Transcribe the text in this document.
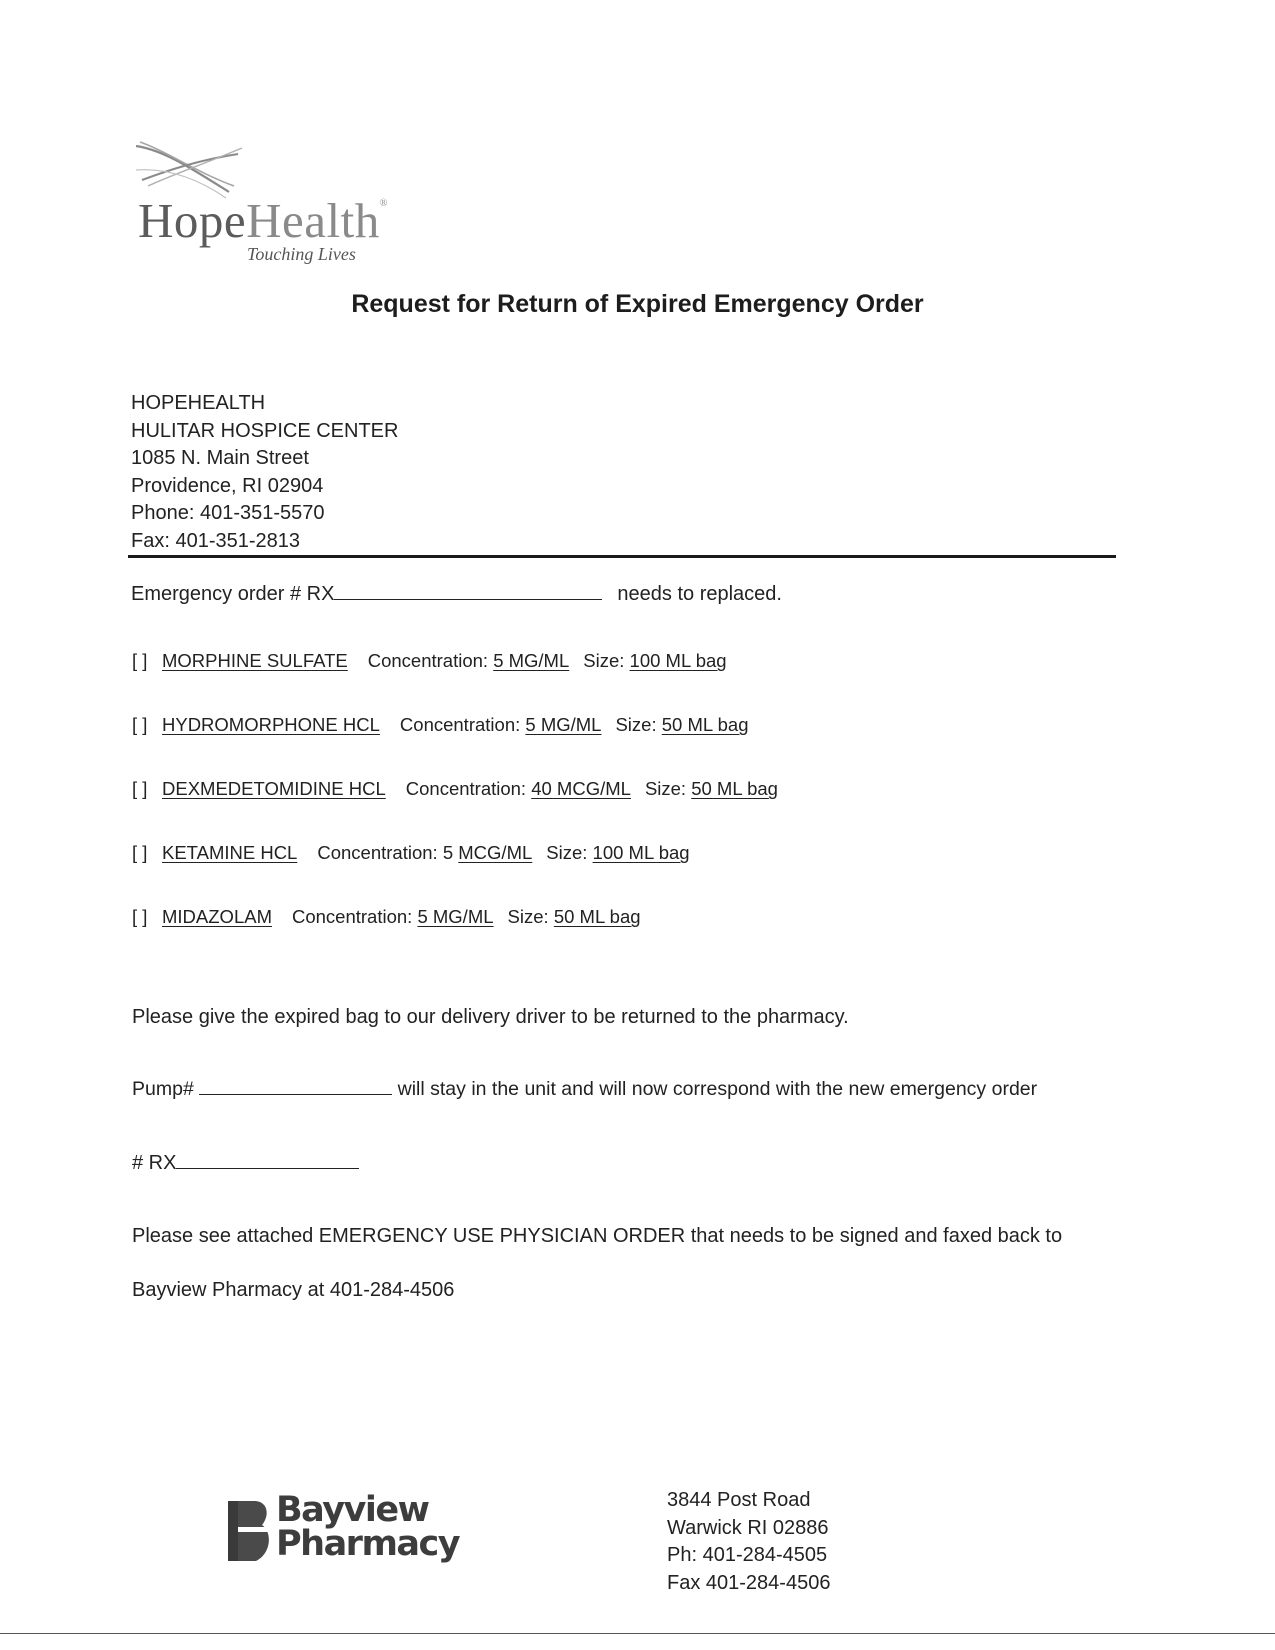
HopeHealth®
Touching Lives
Request for Return of Expired Emergency Order
HOPEHEALTH
HULITAR HOSPICE CENTER
1085 N. Main Street
Providence, RI 02904
Phone: 401-351-5570
Fax: 401-351-2813
Emergency order # RX	needs to replaced.
[ ] MORPHINE SULFATE Concentration: 5 MG/ML Size: 100 ML bag
[ ] HYDROMORPHONE HCL Concentration: 5 MG/ML Size: 50 ML bag
[ ] DEXMEDETOMIDINE HCL Concentration: 40 MCG/ML Size: 50 ML bag
[ ] KETAMINE HCL Concentration: 5 MCG/ML Size: 100 ML bag
[ ] MIDAZOLAM Concentration: 5 MG/ML Size: 50 ML bag
Please give the expired bag to our delivery driver to be returned to the pharmacy.
Pump#	will stay in the unit and will now correspond with the new emergency order
# RX
Please see attached EMERGENCY USE PHYSICIAN ORDER that needs to be signed and faxed back to
Bayview Pharmacy at 401-284-4506
Bayview
Pharmacy
3844 Post Road
Warwick RI 02886
Ph: 401-284-4505
Fax 401-284-4506
